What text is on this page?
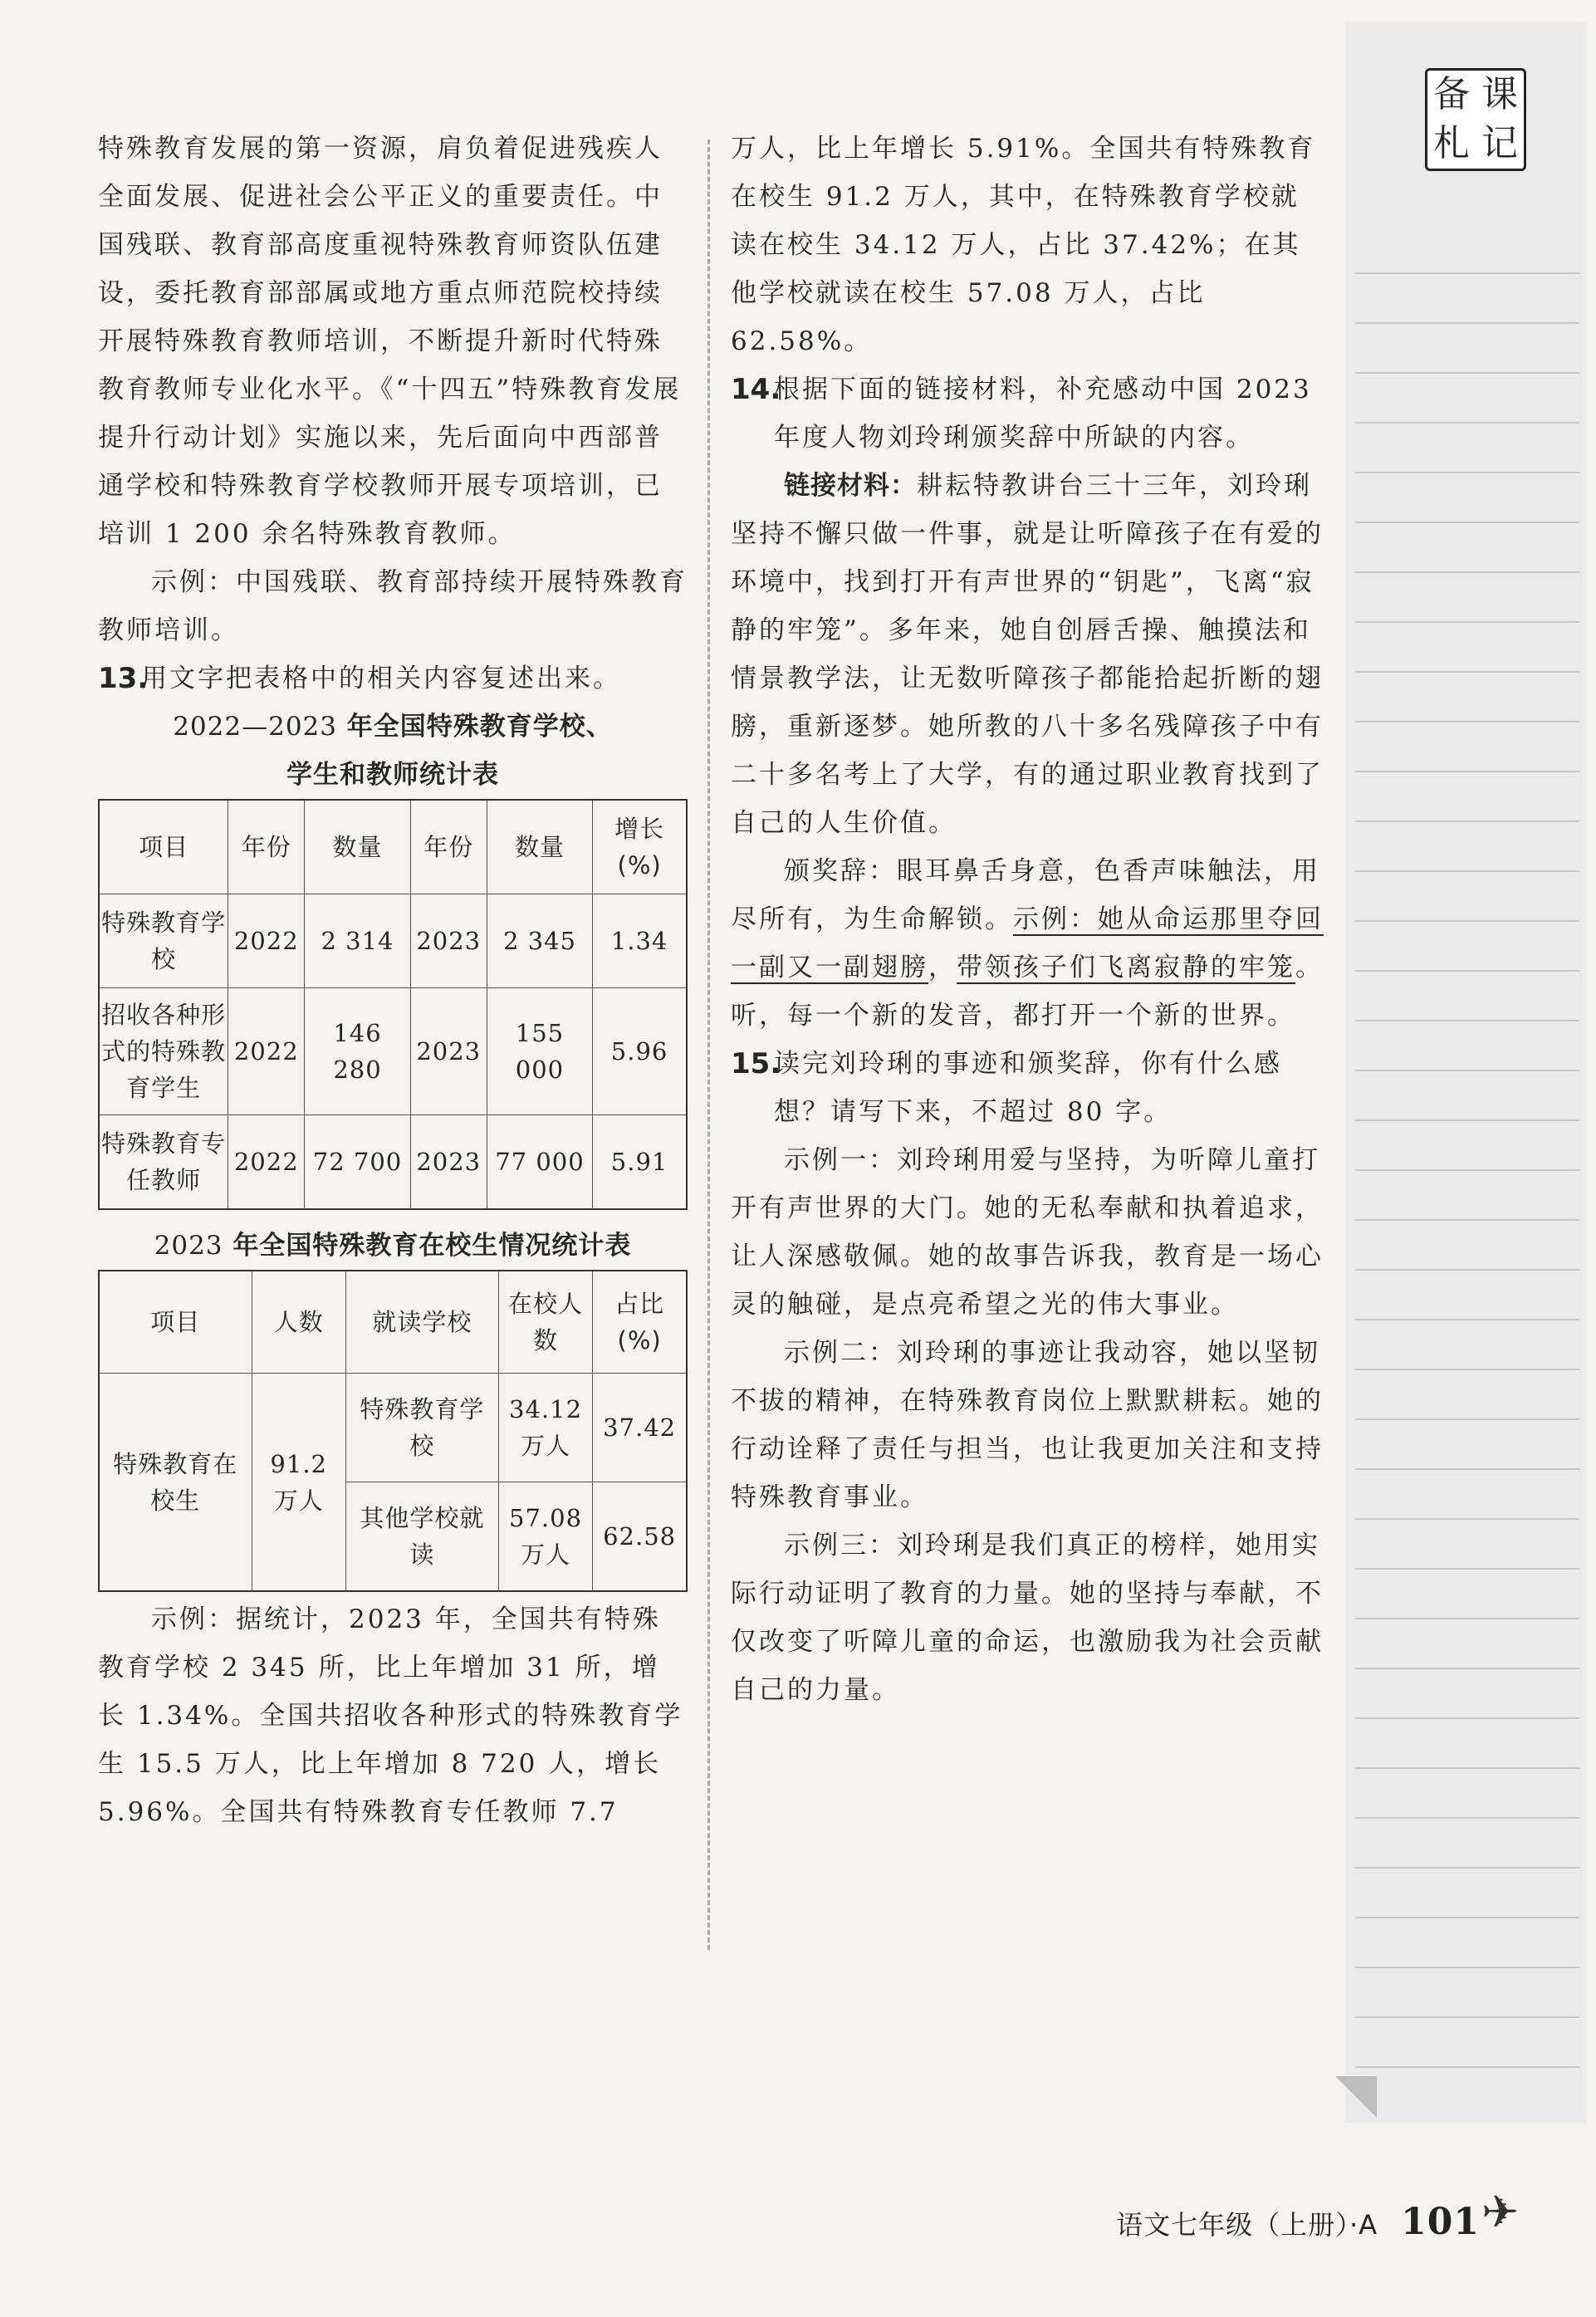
备 课
札 记

特殊教育发展的第一资源，肩负着促进残疾人全面发展、促进社会公平正义的重要责任。中国残联、教育部高度重视特殊教育师资队伍建设，委托教育部部属或地方重点师范院校持续开展特殊教育教师培训，不断提升新时代特殊教育教师专业化水平。《“十四五”特殊教育发展提升行动计划》实施以来，先后面向中西部普通学校和特殊教育学校教师开展专项培训，已培训 1 200 余名特殊教育教师。

示例：中国残联、教育部持续开展特殊教育教师培训。

13.
用文字把表格中的相关内容复述出来。
2022—2023 年全国特殊教育学校、
学生和教师统计表
项目	年份	数量	年份	数量	增长(%)
特殊教育学校	2022	2 314	2023	2 345	1.34
招收各种形式的特殊教育学生	2022	146 280	2023	155 000	5.96
特殊教育专任教师	2022	72 700	2023	77 000	5.91
2023 年全国特殊教育在校生情况统计表
项目	人数	就读学校	在校人数	占比(%)
特殊教育在校生	91.2 万人	特殊教育学校	34.12 万人	37.42
		其他学校就读	57.08 万人	62.58

示例：据统计，2023 年，全国共有特殊教育学校 2 345 所，比上年增加 31 所，增长 1.34%。全国共招收各种形式的特殊教育学生 15.5 万人，比上年增加 8 720 人，增长 5.96%。全国共有特殊教育专任教师 7.7

万人，比上年增长 5.91%。全国共有特殊教育在校生 91.2 万人，其中，在特殊教育学校就读在校生 34.12 万人，占比 37.42%；在其他学校就读在校生 57.08 万人，占比 62.58%。

14.
根据下面的链接材料，补充感动中国 2023 年度人物刘玲琍颁奖辞中所缺的内容。

链接材料：耕耘特教讲台三十三年，刘玲琍坚持不懈只做一件事，就是让听障孩子在有爱的环境中，找到打开有声世界的“钥匙”，飞离“寂静的牢笼”。多年来，她自创唇舌操、触摸法和情景教学法，让无数听障孩子都能拾起折断的翅膀，重新逐梦。她所教的八十多名残障孩子中有二十多名考上了大学，有的通过职业教育找到了自己的人生价值。

颁奖辞：眼耳鼻舌身意，色香声味触法，用尽所有，为生命解锁。示例：她从命运那里夺回一副又一副翅膀，带领孩子们飞离寂静的牢笼。听，每一个新的发音，都打开一个新的世界。

15.
读完刘玲琍的事迹和颁奖辞，你有什么感想？请写下来，不超过 80 字。

示例一：刘玲琍用爱与坚持，为听障儿童打开有声世界的大门。她的无私奉献和执着追求，让人深感敬佩。她的故事告诉我，教育是一场心灵的触碰，是点亮希望之光的伟大事业。

示例二：刘玲琍的事迹让我动容，她以坚韧不拔的精神，在特殊教育岗位上默默耕耘。她的行动诠释了责任与担当，也让我更加关注和支持特殊教育事业。

示例三：刘玲琍是我们真正的榜样，她用实际行动证明了教育的力量。她的坚持与奉献，不仅改变了听障儿童的命运，也激励我为社会贡献自己的力量。

语文七年级（上册）·A 101 ✈
